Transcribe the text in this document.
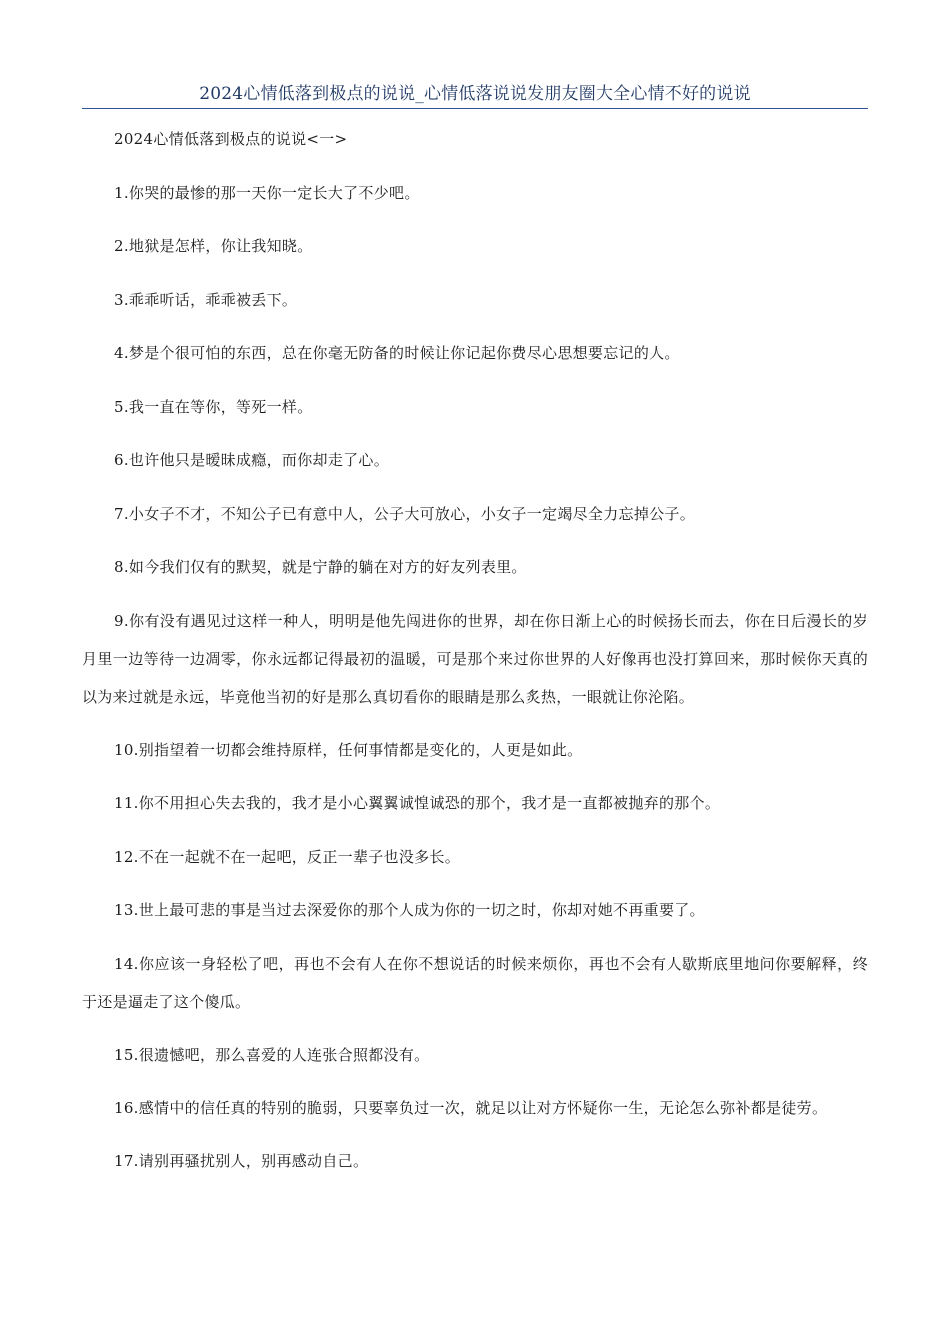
2024心情低落到极点的说说_心情低落说说发朋友圈大全心情不好的说说

2024心情低落到极点的说说<一>

1.你哭的最惨的那一天你一定长大了不少吧。

2.地狱是怎样，你让我知晓。

3.乖乖听话，乖乖被丢下。

4.梦是个很可怕的东西，总在你毫无防备的时候让你记起你费尽心思想要忘记的人。

5.我一直在等你，等死一样。

6.也许他只是暧昧成瘾，而你却走了心。

7.小女子不才，不知公子已有意中人，公子大可放心，小女子一定竭尽全力忘掉公子。

8.如今我们仅有的默契，就是宁静的躺在对方的好友列表里。

9.你有没有遇见过这样一种人，明明是他先闯进你的世界，却在你日渐上心的时候扬长而去，你在日后漫长的岁月里一边等待一边凋零，你永远都记得最初的温暖，可是那个来过你世界的人好像再也没打算回来，那时候你天真的以为来过就是永远，毕竟他当初的好是那么真切看你的眼睛是那么炙热，一眼就让你沦陷。

10.别指望着一切都会维持原样，任何事情都是变化的，人更是如此。

11.你不用担心失去我的，我才是小心翼翼诚惶诚恐的那个，我才是一直都被抛弃的那个。

12.不在一起就不在一起吧，反正一辈子也没多长。

13.世上最可悲的事是当过去深爱你的那个人成为你的一切之时，你却对她不再重要了。

14.你应该一身轻松了吧，再也不会有人在你不想说话的时候来烦你，再也不会有人歇斯底里地问你要解释，终于还是逼走了这个傻瓜。

15.很遗憾吧，那么喜爱的人连张合照都没有。

16.感情中的信任真的特别的脆弱，只要辜负过一次，就足以让对方怀疑你一生，无论怎么弥补都是徒劳。

17.请别再骚扰别人，别再感动自己。
